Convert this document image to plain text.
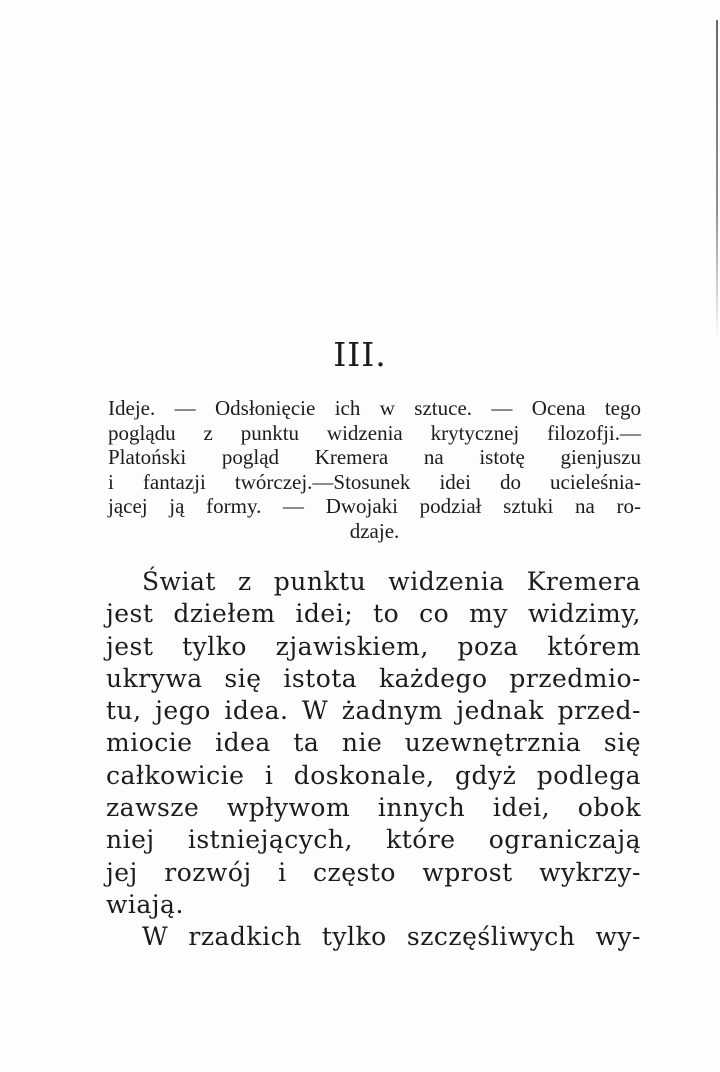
III.
Ideje. — Odsłonięcie ich w sztuce. — Ocena tego
poglądu z punktu widzenia krytycznej filozofji.—
Platoński pogląd Kremera na istotę gienjuszu
i fantazji twórczej.—Stosunek idei do ucieleśnia-
jącej ją formy. — Dwojaki podział sztuki na ro-
dzaje.
Świat z punktu widzenia Kremera
jest dziełem idei; to co my widzimy,
jest tylko zjawiskiem, poza którem
ukrywa się istota każdego przedmio-
tu, jego idea. W żadnym jednak przed-
miocie idea ta nie uzewnętrznia się
całkowicie i doskonale, gdyż podlega
zawsze wpływom innych idei, obok
niej istniejących, które ograniczają
jej rozwój i często wprost wykrzy-
wiają.
W rzadkich tylko szczęśliwych wy-
